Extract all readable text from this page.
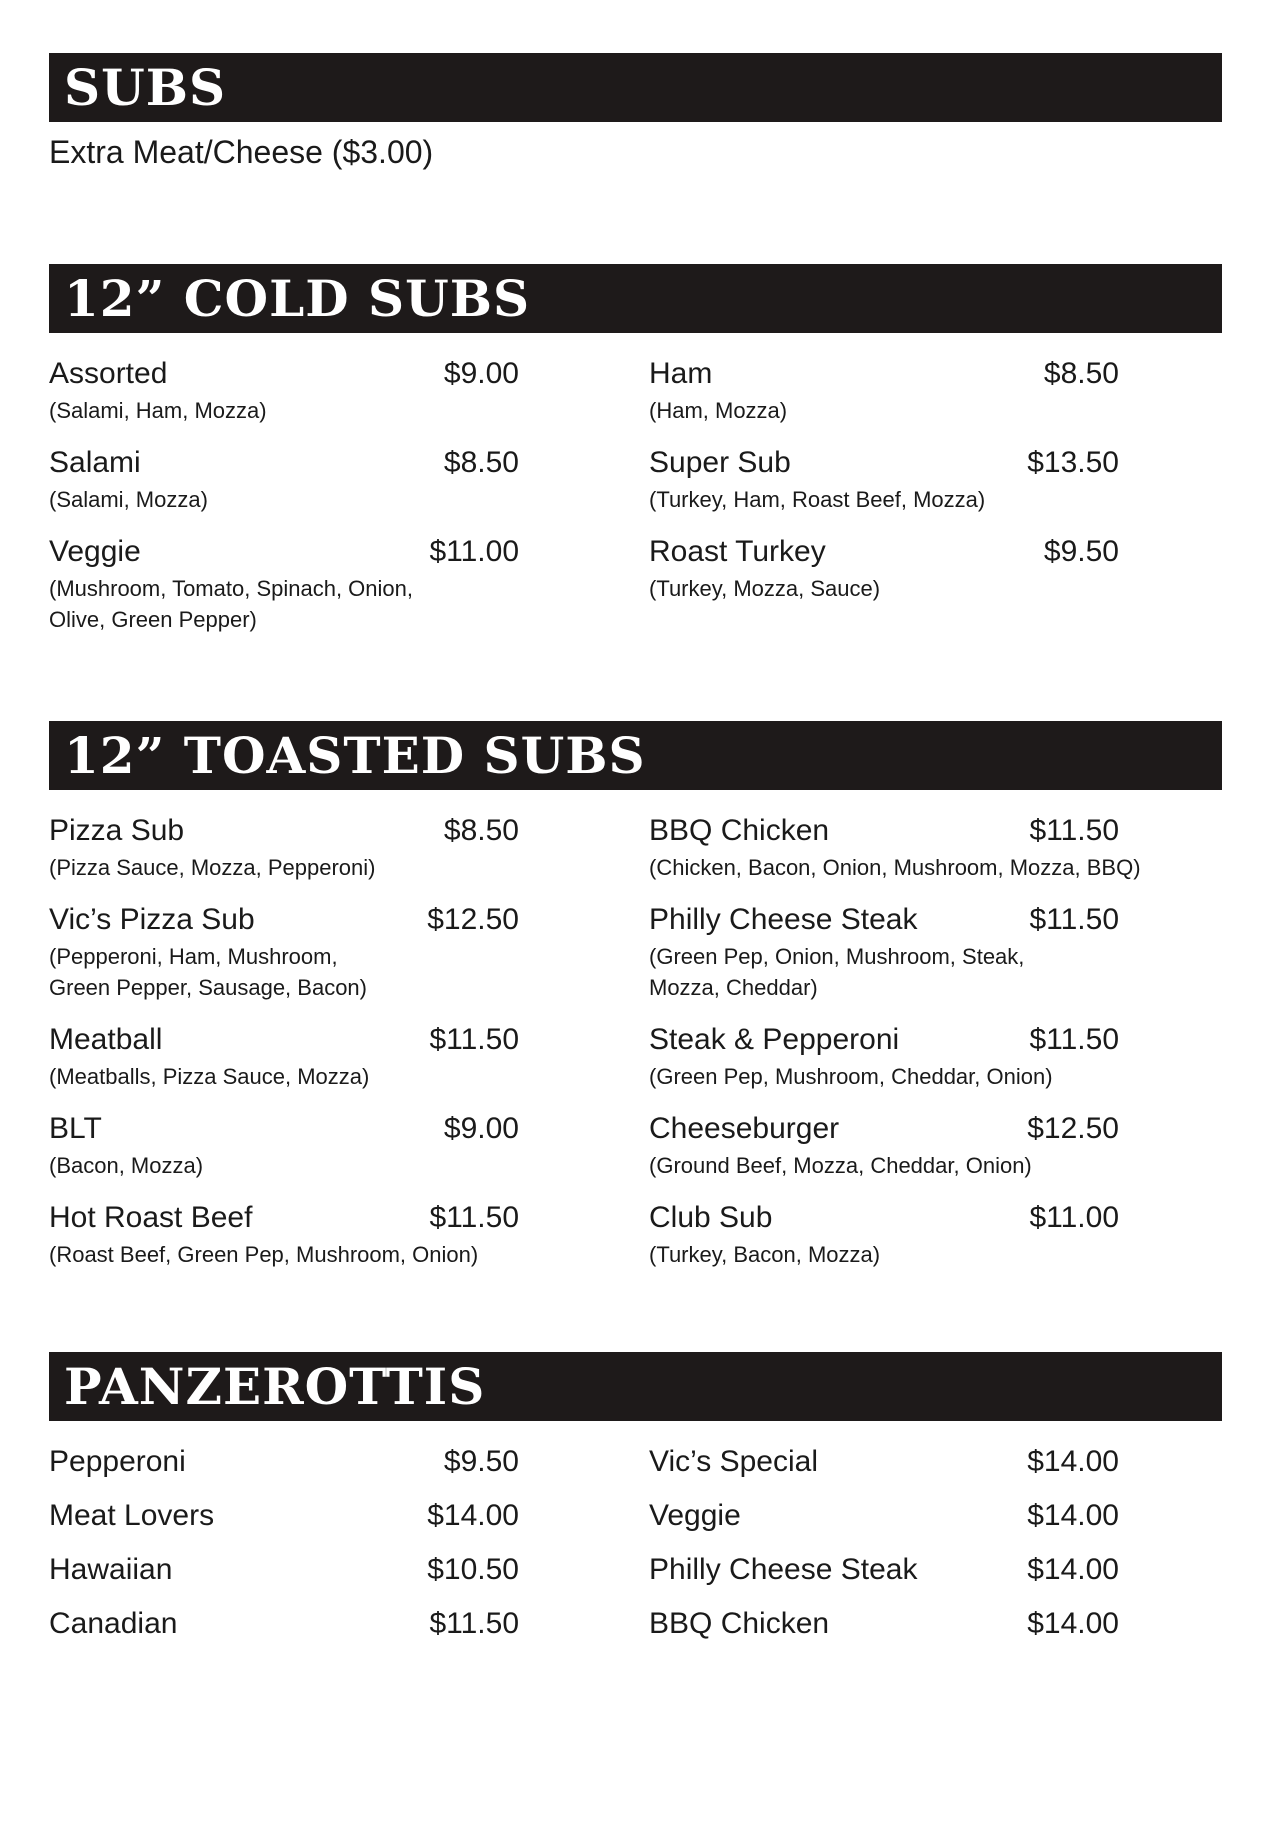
SUBS
Extra Meat/Cheese ($3.00)
12” COLD SUBS
Assorted	$9.00
(Salami, Ham, Mozza)
Salami	$8.50
(Salami, Mozza)
Veggie	$11.00
(Mushroom, Tomato, Spinach, Onion, Olive, Green Pepper)
Ham	$8.50
(Ham, Mozza)
Super Sub	$13.50
(Turkey, Ham, Roast Beef, Mozza)
Roast Turkey	$9.50
(Turkey, Mozza, Sauce)
12” TOASTED SUBS
Pizza Sub	$8.50
(Pizza Sauce, Mozza, Pepperoni)
Vic’s Pizza Sub	$12.50
(Pepperoni, Ham, Mushroom, Green Pepper, Sausage, Bacon)
Meatball	$11.50
(Meatballs, Pizza Sauce, Mozza)
BLT	$9.00
(Bacon, Mozza)
Hot Roast Beef	$11.50
(Roast Beef, Green Pep, Mushroom, Onion)
BBQ Chicken	$11.50
(Chicken, Bacon, Onion, Mushroom, Mozza, BBQ)
Philly Cheese Steak	$11.50
(Green Pep, Onion, Mushroom, Steak, Mozza, Cheddar)
Steak & Pepperoni	$11.50
(Green Pep, Mushroom, Cheddar, Onion)
Cheeseburger	$12.50
(Ground Beef, Mozza, Cheddar, Onion)
Club Sub	$11.00
(Turkey, Bacon, Mozza)
PANZEROTTIS
Pepperoni	$9.50
Meat Lovers	$14.00
Hawaiian	$10.50
Canadian	$11.50
Vic’s Special	$14.00
Veggie	$14.00
Philly Cheese Steak	$14.00
BBQ Chicken	$14.00
